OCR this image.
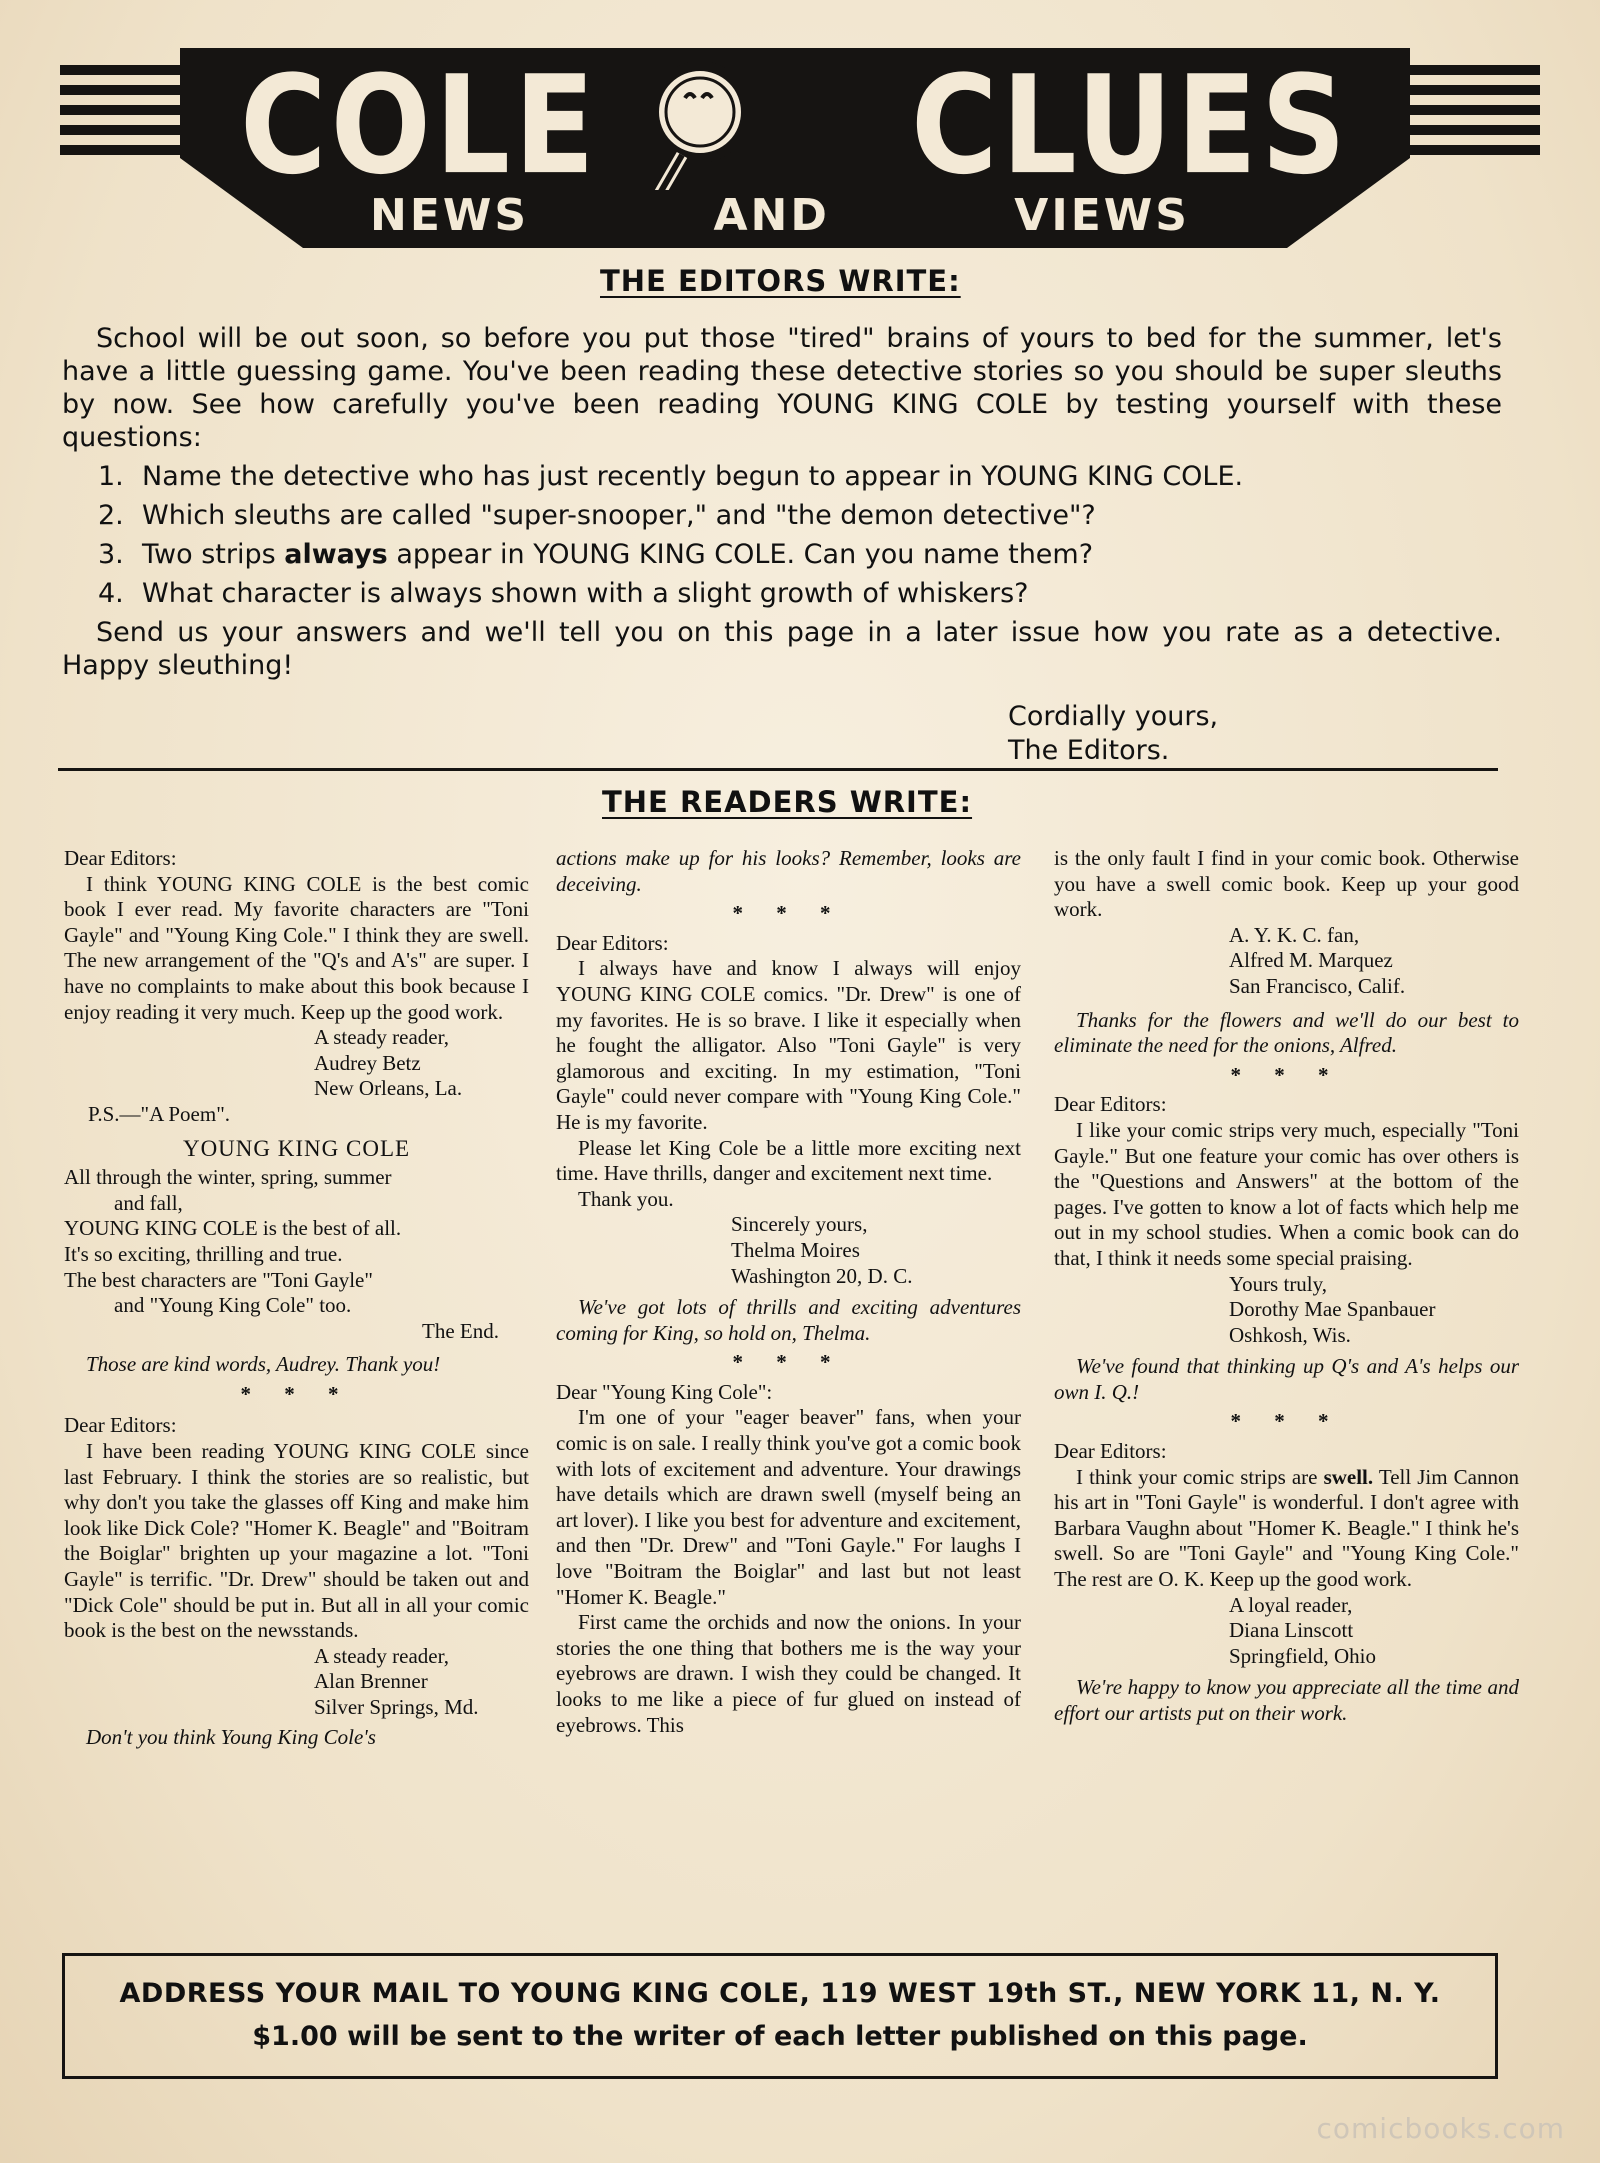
COLE	CLUES
NEWS	AND	VIEWS
THE EDITORS WRITE:

School will be out soon, so before you put those "tired" brains of yours to bed for the summer, let's have a little guessing game. You've been reading these detective stories so you should be super sleuths by now. See how carefully you've been reading YOUNG KING COLE by testing yourself with these questions:

1. Name the detective who has just recently begun to appear in YOUNG KING COLE.
2. Which sleuths are called "super-snooper," and "the demon detective"?
3. Two strips always appear in YOUNG KING COLE. Can you name them?
4. What character is always shown with a slight growth of whiskers?

Send us your answers and we'll tell you on this page in a later issue how you rate as a detective. Happy sleuthing!

Cordially yours,
The Editors.
THE READERS WRITE:

Dear Editors:

I think YOUNG KING COLE is the best comic book I ever read. My favorite characters are "Toni Gayle" and "Young King Cole." I think they are swell. The new arrangement of the "Q's and A's" are super. I have no complaints to make about this book because I enjoy reading it very much. Keep up the good work.

A steady reader,
Audrey Betz
New Orleans, La.

P.S.—"A Poem".

YOUNG KING COLE

All through the winter, spring, summer

and fall,

YOUNG KING COLE is the best of all.

It's so exciting, thrilling and true.

The best characters are "Toni Gayle"

and "Young King Cole" too.

The End.

Those are kind words, Audrey. Thank you!

* * *

Dear Editors:

I have been reading YOUNG KING COLE since last February. I think the stories are so realistic, but why don't you take the glasses off King and make him look like Dick Cole? "Homer K. Beagle" and "Boitram the Boiglar" brighten up your magazine a lot. "Toni Gayle" is terrific. "Dr. Drew" should be taken out and "Dick Cole" should be put in. But all in all your comic book is the best on the newsstands.

A steady reader,
Alan Brenner
Silver Springs, Md.

Don't you think Young King Cole's

actions make up for his looks? Remember, looks are deceiving.

* * *

Dear Editors:

I always have and know I always will enjoy YOUNG KING COLE comics. "Dr. Drew" is one of my favorites. He is so brave. I like it especially when he fought the alligator. Also "Toni Gayle" is very glamorous and exciting. In my estimation, "Toni Gayle" could never compare with "Young King Cole." He is my favorite.

Please let King Cole be a little more exciting next time. Have thrills, danger and excitement next time.

Thank you.

Sincerely yours,
Thelma Moires
Washington 20, D. C.

We've got lots of thrills and exciting adventures coming for King, so hold on, Thelma.

* * *

Dear "Young King Cole":

I'm one of your "eager beaver" fans, when your comic is on sale. I really think you've got a comic book with lots of excitement and adventure. Your drawings have details which are drawn swell (myself being an art lover). I like you best for adventure and excitement, and then "Dr. Drew" and "Toni Gayle." For laughs I love "Boitram the Boiglar" and last but not least "Homer K. Beagle."

First came the orchids and now the onions. In your stories the one thing that bothers me is the way your eyebrows are drawn. I wish they could be changed. It looks to me like a piece of fur glued on instead of eyebrows. This

is the only fault I find in your comic book. Otherwise you have a swell comic book. Keep up your good work.

A. Y. K. C. fan,
Alfred M. Marquez
San Francisco, Calif.

Thanks for the flowers and we'll do our best to eliminate the need for the onions, Alfred.

* * *

Dear Editors:

I like your comic strips very much, especially "Toni Gayle." But one feature your comic has over others is the "Questions and Answers" at the bottom of the pages. I've gotten to know a lot of facts which help me out in my school studies. When a comic book can do that, I think it needs some special praising.

Yours truly,
Dorothy Mae Spanbauer
Oshkosh, Wis.

We've found that thinking up Q's and A's helps our own I. Q.!

* * *

Dear Editors:

I think your comic strips are swell. Tell Jim Cannon his art in "Toni Gayle" is wonderful. I don't agree with Barbara Vaughn about "Homer K. Beagle." I think he's swell. So are "Toni Gayle" and "Young King Cole." The rest are O. K. Keep up the good work.

A loyal reader,
Diana Linscott
Springfield, Ohio

We're happy to know you appreciate all the time and effort our artists put on their work.

ADDRESS YOUR MAIL TO YOUNG KING COLE, 119 WEST 19th ST., NEW YORK 11, N. Y.
$1.00 will be sent to the writer of each letter published on this page.
comicbooks.com
